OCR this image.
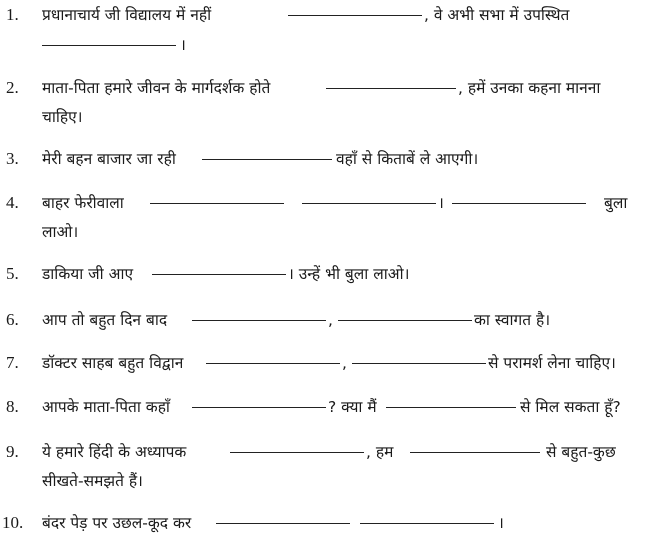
1. प्रधानाचार्य जी विद्यालय में नहीं	, वे अभी सभा में उपस्थित
।
2. माता-पिता हमारे जीवन के मार्गदर्शक होते	, हमें उनका कहना मानना
चाहिए।
3. मेरी बहन बाजार जा रही	वहाँ से किताबें ले आएगी।
4. बाहर फेरीवाला	।	बुला
लाओ।
5. डाकिया जी आए	। उन्हें भी बुला लाओ।
6. आप तो बहुत दिन बाद	,	का स्वागत है।
7. डॉक्टर साहब बहुत विद्वान	,	से परामर्श लेना चाहिए।
8. आपके माता-पिता कहाँ	? क्या मैं	से मिल सकता हूँ?
9. ये हमारे हिंदी के अध्यापक	, हम	से बहुत-कुछ
सीखते-समझते हैं।
10. बंदर पेड़ पर उछल-कूद कर	।
